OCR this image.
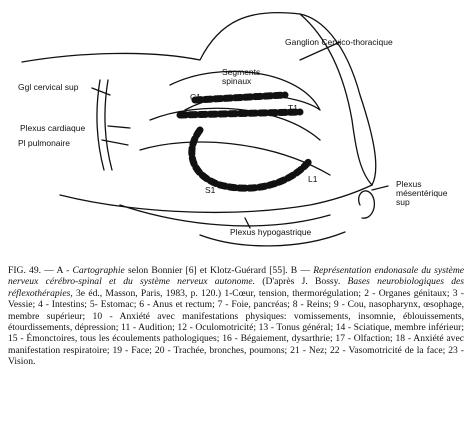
Ganglion Cervico-thoracique
Segments
spinaux
Ggl cervical sup
Plexus cardiaque
Pl pulmonaire
Plexus
mésentérique
sup
Plexus hypogastrique
C1
T1
S1
L1

FIG. 49. — A - Cartographie selon Bonnier [6] et Klotz-Guérard [55]. B — Représentation endonasale du système nerveux cérébro-spinal et du système nerveux autonome. (D'après J. Bossy. Bases neurobiologiques des réflexothérapies, 3e éd., Masson, Paris, 1983, p. 120.) 1-Cœur, tension, thermorégulation; 2 - Organes génitaux; 3 - Vessie; 4 - Intestins; 5- Estomac; 6 - Anus et rectum; 7 - Foie, pancréas; 8 - Reins; 9 - Cou, nasopharynx, œsophage, membre supérieur; 10 - Anxiété avec manifestations physiques: vomissements, insomnie, éblouissements, étourdissements, dépression; 11 - Audition; 12 - Oculomotricité; 13 - Tonus général; 14 - Sciatique, membre inférieur; 15 - Émonctoires, tous les écoulements pathologiques; 16 - Bégaiement, dysarthrie; 17 - Olfaction; 18 - Anxiété avec manifestation respiratoire; 19 - Face; 20 - Trachée, bronches, poumons; 21 - Nez; 22 - Vasomotricité de la face; 23 - Vision.
